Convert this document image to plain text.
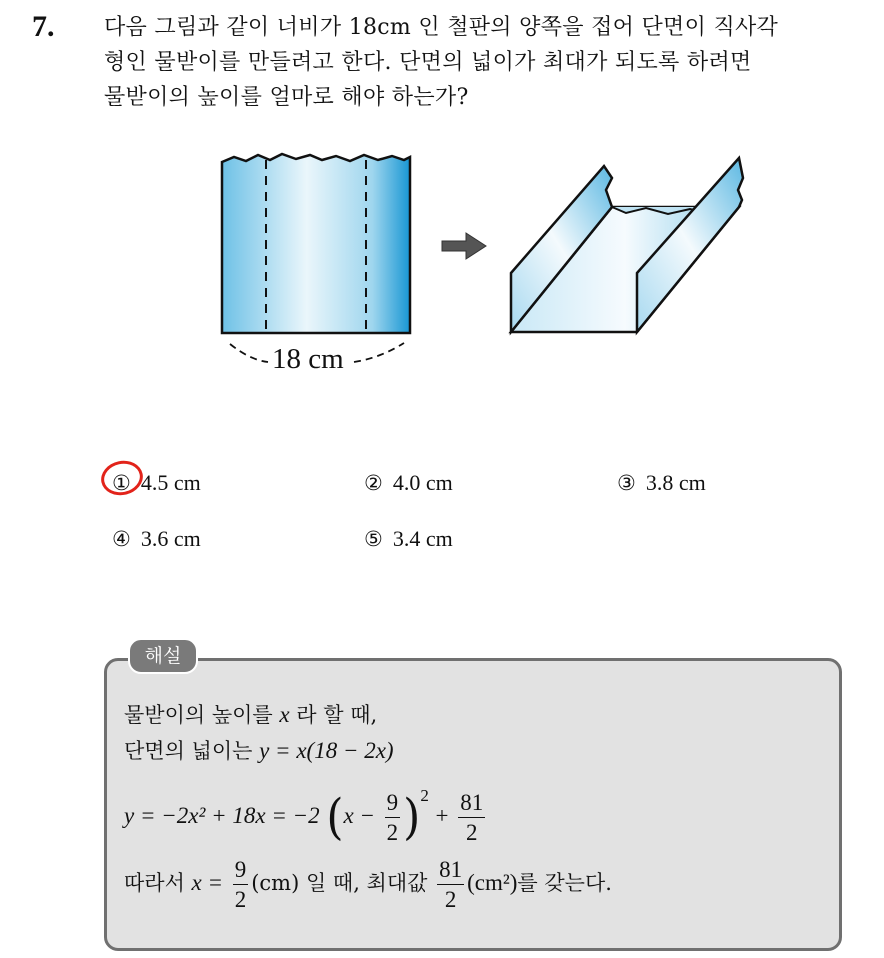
7. 다음 그림과 같이 너비가 18cm 인 철판의 양쪽을 접어 단면이 직사각
형인 물받이를 만들려고 한다. 단면의 넓이가 최대가 되도록 하려면
물받이의 높이를 얼마로 해야 하는가?
18 cm
① 4.5 cm	② 4.0 cm	③ 3.8 cm
④ 3.6 cm	⑤ 3.4 cm
해설
물받이의 높이를 x 라 할 때,
단면의 넓이는 y = x(18 − 2x)
y = −2x² + 18x = −2 $(x - \frac{9}{2} )^2 + \frac{81}{2}$
따라서 $x = \frac{9}{2} (cm)$ 일 때, 최대값 $\frac{81}{2} (cm^2)$를 갖는다.
